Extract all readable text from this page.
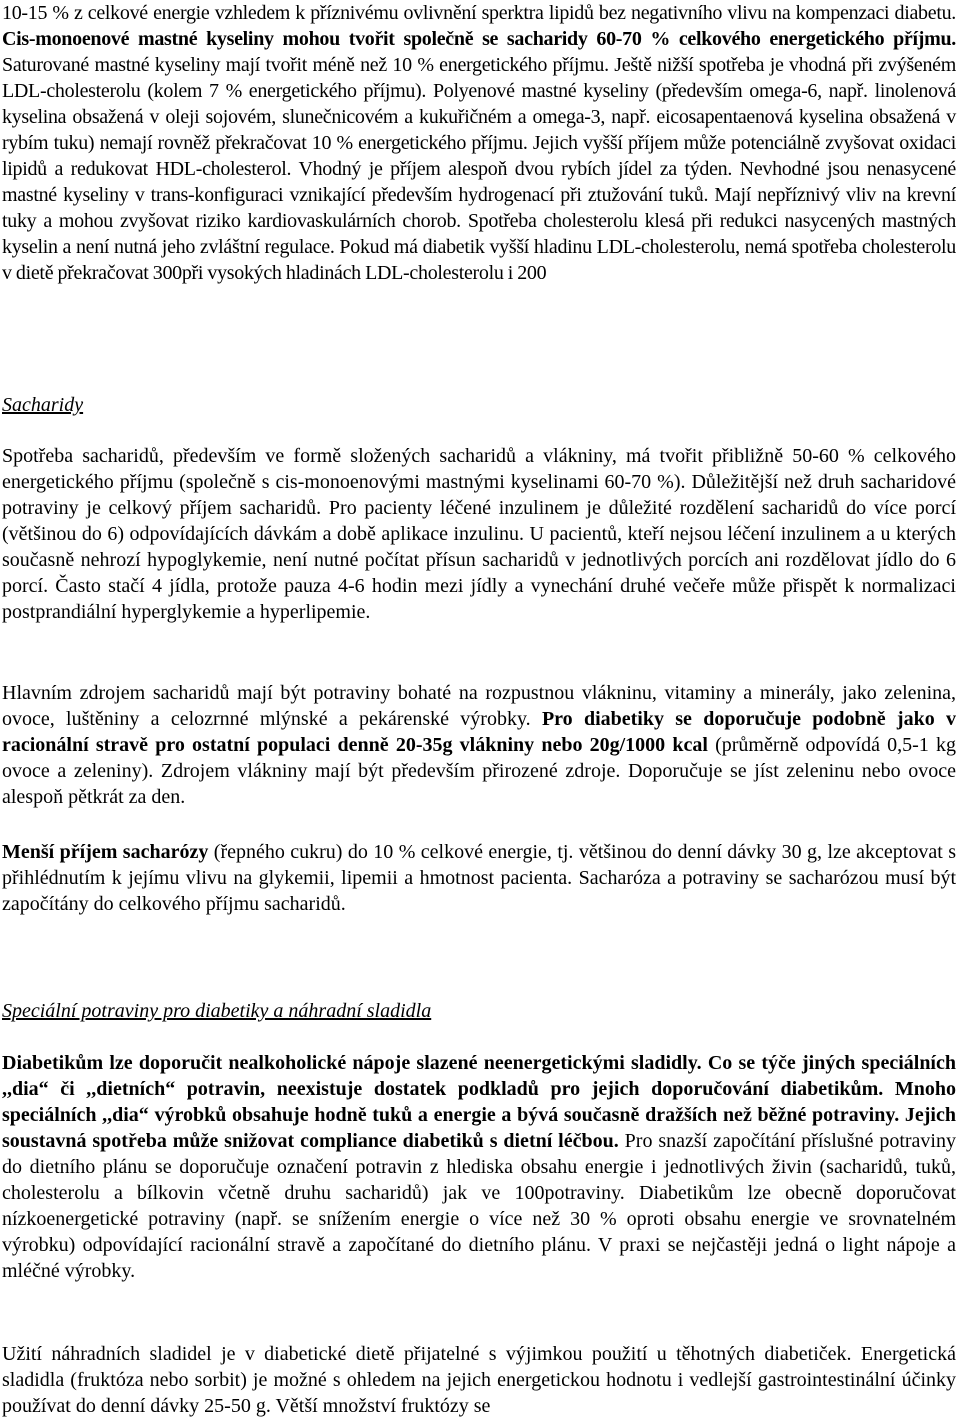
10-15 % z celkové energie vzhledem k příznivému ovlivnění sperktra lipidů bez negativního vlivu na kompenzaci diabetu. Cis-monoenové mastné kyseliny mohou tvořit společně se sacharidy 60-70 % celkového energetického příjmu. Saturované mastné kyseliny mají tvořit méně než 10 % energetického příjmu. Ještě nižší spotřeba je vhodná při zvýšeném LDL-cholesterolu (kolem 7 % energetického příjmu). Polyenové mastné kyseliny (především omega-6, např. linolenová kyselina obsažená v oleji sojovém, slunečnicovém a kukuřičném a omega-3, např. eicosapentaenová kyselina obsažená v rybím tuku) nemají rovněž překračovat 10 % energetického příjmu. Jejich vyšší příjem může potenciálně zvyšovat oxidaci lipidů a redukovat HDL-cholesterol. Vhodný je příjem alespoň dvou rybích jídel za týden. Nevhodné jsou nenasycené mastné kyseliny v trans-konfiguraci vznikající především hydrogenací při ztužování tuků. Mají nepříznivý vliv na krevní tuky a mohou zvyšovat riziko kardiovaskulárních chorob. Spotřeba cholesterolu klesá při redukci nasycených mastných kyselin a není nutná jeho zvláštní regulace. Pokud má diabetik vyšší hladinu LDL-cholesterolu, nemá spotřeba cholesterolu v dietě překračovat 300při vysokých hladinách LDL-cholesterolu i 200

Sacharidy

Spotřeba sacharidů, především ve formě složených sacharidů a vlákniny, má tvořit přibližně 50-60 % celkového energetického příjmu (společně s cis-monoenovými mastnými kyselinami 60-70 %). Důležitější než druh sacharidové potraviny je celkový příjem sacharidů. Pro pacienty léčené inzulinem je důležité rozdělení sacharidů do více porcí (většinou do 6) odpovídajících dávkám a době aplikace inzulinu. U pacientů, kteří nejsou léčení inzulinem a u kterých současně nehrozí hypoglykemie, není nutné počítat přísun sacharidů v jednotlivých porcích ani rozdělovat jídlo do 6 porcí. Často stačí 4 jídla, protože pauza 4-6 hodin mezi jídly a vynechání druhé večeře může přispět k normalizaci postprandiální hyperglykemie a hyperlipemie.

Hlavním zdrojem sacharidů mají být potraviny bohaté na rozpustnou vlákninu, vitaminy a minerály, jako zelenina, ovoce, luštěniny a celozrnné mlýnské a pekárenské výrobky. Pro diabetiky se doporučuje podobně jako v racionální stravě pro ostatní populaci denně 20-35g vlákniny nebo 20g/1000 kcal (průměrně odpovídá 0,5-1 kg ovoce a zeleniny). Zdrojem vlákniny mají být především přirozené zdroje. Doporučuje se jíst zeleninu nebo ovoce alespoň pětkrát za den.

Menší příjem sacharózy (řepného cukru) do 10 % celkové energie, tj. většinou do denní dávky 30 g, lze akceptovat s přihlédnutím k jejímu vlivu na glykemii, lipemii a hmotnost pacienta. Sacharóza a potraviny se sacharózou musí být započítány do celkového příjmu sacharidů.

Speciální potraviny pro diabetiky a náhradní sladidla

Diabetikům lze doporučit nealkoholické nápoje slazené neenergetickými sladidly. Co se týče jiných speciálních ,,dia“ či ,,dietních“ potravin, neexistuje dostatek podkladů pro jejich doporučování diabetikům. Mnoho speciálních ,,dia“ výrobků obsahuje hodně tuků a energie a bývá současně dražších než běžné potraviny. Jejich soustavná spotřeba může snižovat compliance diabetiků s dietní léčbou. Pro snazší započítání příslušné potraviny do dietního plánu se doporučuje označení potravin z hlediska obsahu energie i jednotlivých živin (sacharidů, tuků, cholesterolu a bílkovin včetně druhu sacharidů) jak ve 100potraviny. Diabetikům lze obecně doporučovat nízkoenergetické potraviny (např. se snížením energie o více než 30 % oproti obsahu energie ve srovnatelném výrobku) odpovídající racionální stravě a započítané do dietního plánu. V praxi se nejčastěji jedná o light nápoje a mléčné výrobky.

Užití náhradních sladidel je v diabetické dietě přijatelné s výjimkou použití u těhotných diabetiček. Energetická sladidla (fruktóza nebo sorbit) je možné s ohledem na jejich energetickou hodnotu i vedlejší gastrointestinální účinky používat do denní dávky 25-50 g. Větší množství fruktózy se
